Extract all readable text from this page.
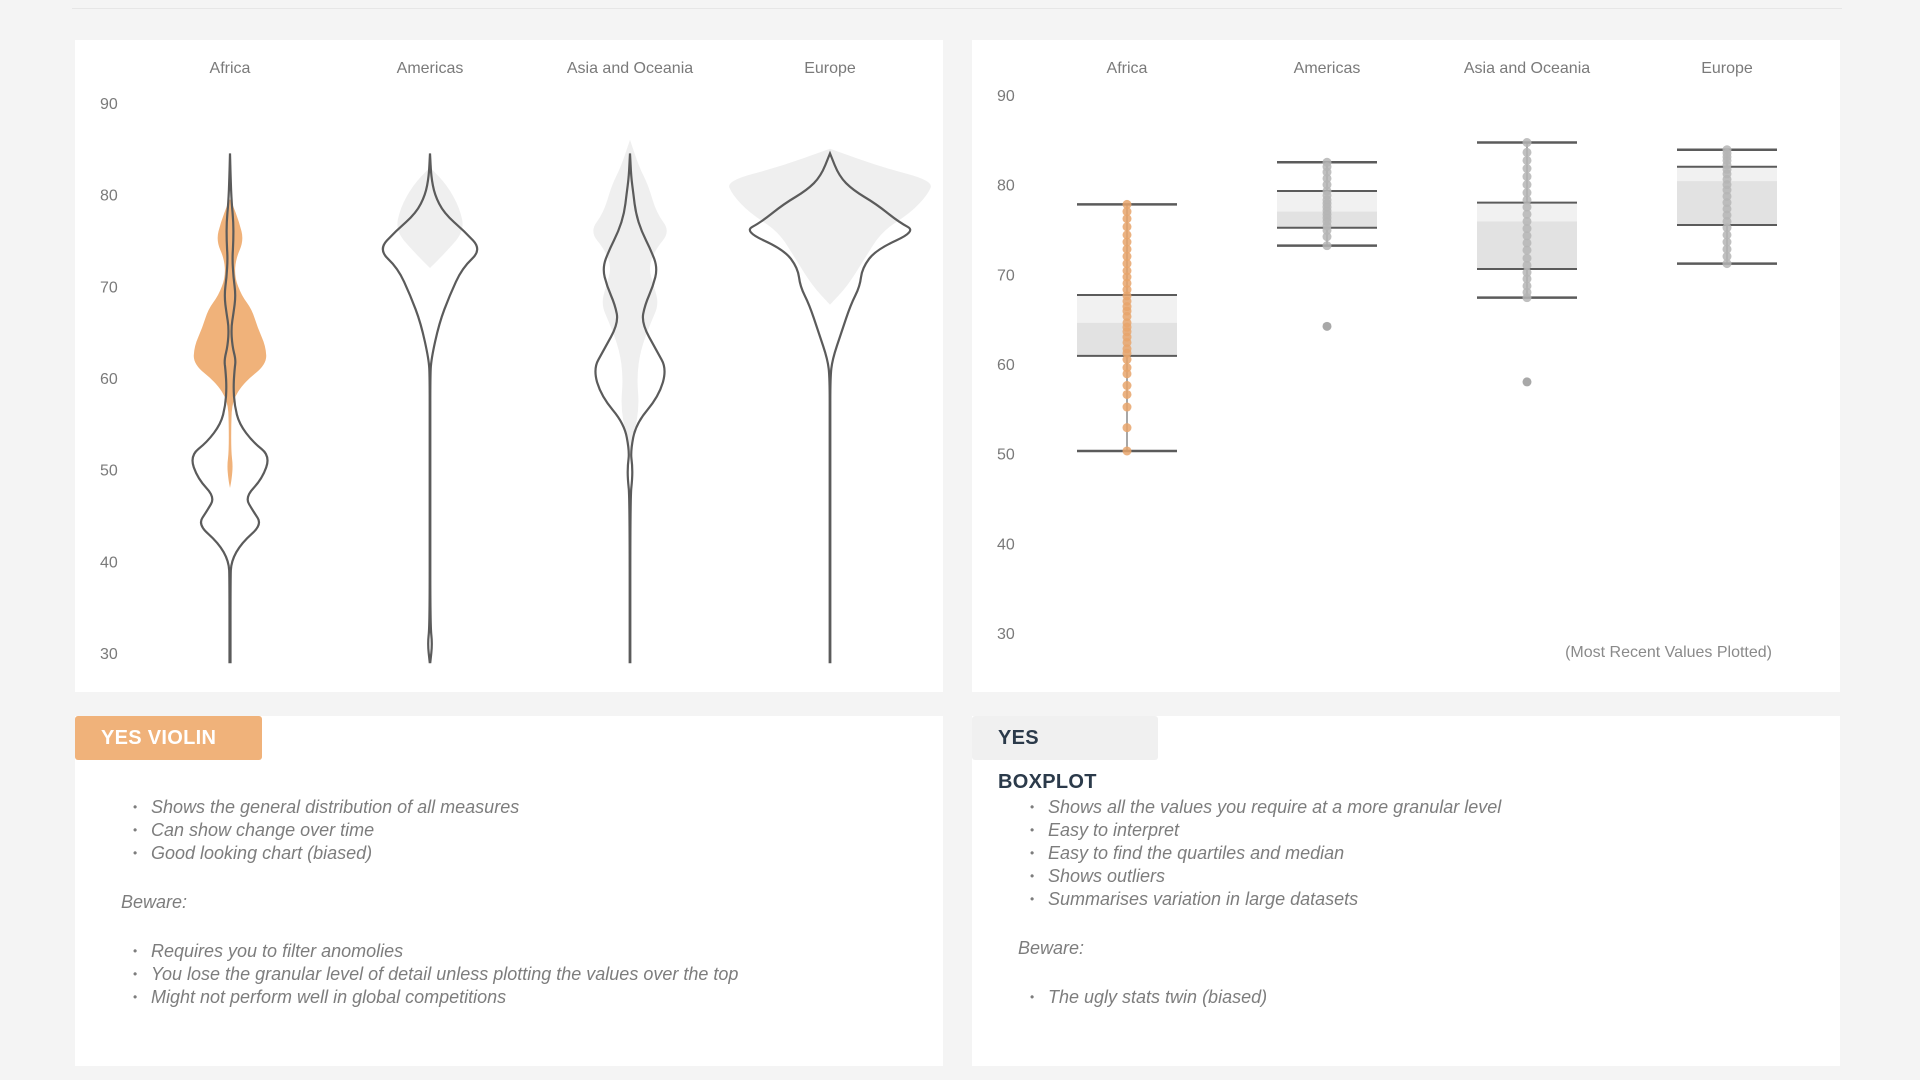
90
80
70
60
50
40
30
Africa	Americas	Asia and Oceania	Europe
90
80
70
60
50
40
30
Africa	Americas	Asia and Oceania	Europe
(Most Recent Values Plotted)
YES VIOLIN
• Shows the general distribution of all measures
• Can show change over time
• Good looking chart (biased)
Beware:
• Requires you to filter anomolies
• You lose the granular level of detail unless plotting the values over the top
• Might not perform well in global competitions
YES BOXPLOT
• Shows all the values you require at a more granular level
• Easy to interpret
• Easy to find the quartiles and median
• Shows outliers
• Summarises variation in large datasets
Beware:
• The ugly stats twin (biased)
